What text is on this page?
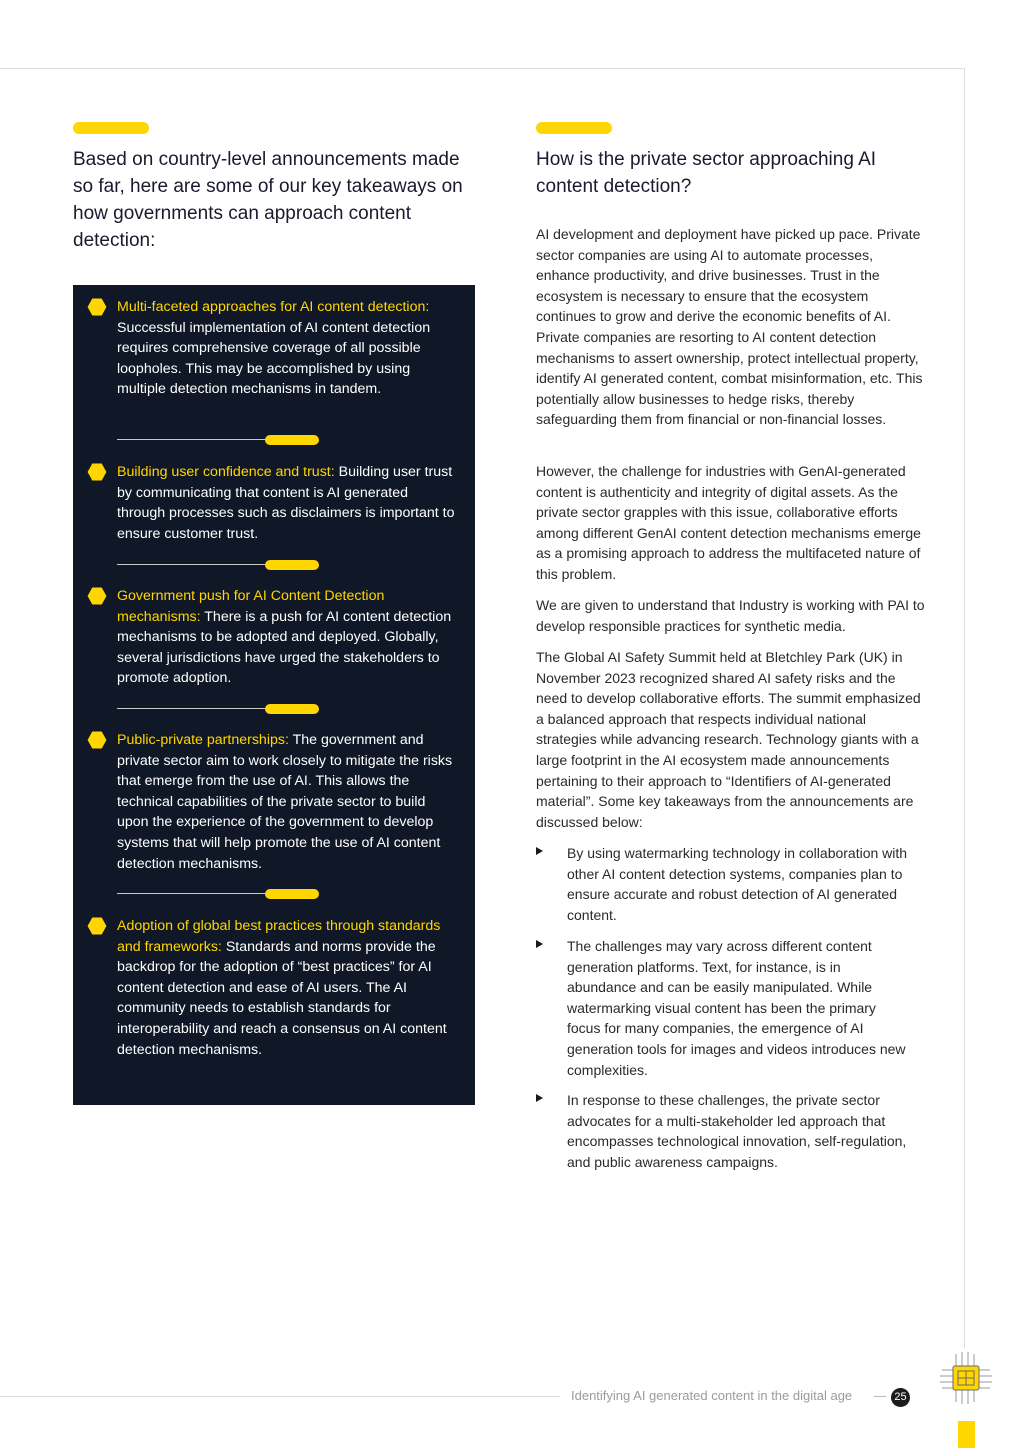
Based on country-level announcements made so far, here are some of our key takeaways on how governments can approach content detection:
Multi-faceted approaches for AI content detection: Successful implementation of AI content detection requires comprehensive coverage of all possible loopholes. This may be accomplished by using multiple detection mechanisms in tandem.
Building user confidence and trust: Building user trust by communicating that content is AI generated through processes such as disclaimers is important to ensure customer trust.
Government push for AI Content Detection mechanisms: There is a push for AI content detection mechanisms to be adopted and deployed. Globally, several jurisdictions have urged the stakeholders to promote adoption.
Public-private partnerships: The government and private sector aim to work closely to mitigate the risks that emerge from the use of AI. This allows the technical capabilities of the private sector to build upon the experience of the government to develop systems that will help promote the use of AI content detection mechanisms.
Adoption of global best practices through standards and frameworks: Standards and norms provide the backdrop for the adoption of “best practices” for AI content detection and ease of AI users. The AI community needs to establish standards for interoperability and reach a consensus on AI content detection mechanisms.
How is the private sector approaching AI content detection?

AI development and deployment have picked up pace. Private sector companies are using AI to automate processes, enhance productivity, and drive businesses. Trust in the ecosystem is necessary to ensure that the ecosystem continues to grow and derive the economic benefits of AI. Private companies are resorting to AI content detection mechanisms to assert ownership, protect intellectual property, identify AI generated content, combat misinformation, etc. This potentially allow businesses to hedge risks, thereby safeguarding them from financial or non-financial losses.

However, the challenge for industries with GenAI-generated content is authenticity and integrity of digital assets. As the private sector grapples with this issue, collaborative efforts among different GenAI content detection mechanisms emerge as a promising approach to address the multifaceted nature of this problem.

We are given to understand that Industry is working with PAI to develop responsible practices for synthetic media.

The Global AI Safety Summit held at Bletchley Park (UK) in November 2023 recognized shared AI safety risks and the need to develop collaborative efforts. The summit emphasized a balanced approach that respects individual national strategies while advancing research. Technology giants with a large footprint in the AI ecosystem made announcements pertaining to their approach to “Identifiers of AI-generated material”. Some key takeaways from the announcements are discussed below:

By using watermarking technology in collaboration with other AI content detection systems, companies plan to ensure accurate and robust detection of AI generated content.
The challenges may vary across different content generation platforms. Text, for instance, is in abundance and can be easily manipulated. While watermarking visual content has been the primary focus for many companies, the emergence of AI generation tools for images and videos introduces new complexities.
In response to these challenges, the private sector advocates for a multi-stakeholder led approach that encompasses technological innovation, self-regulation, and public awareness campaigns.
Identifying AI generated content in the digital age	25
